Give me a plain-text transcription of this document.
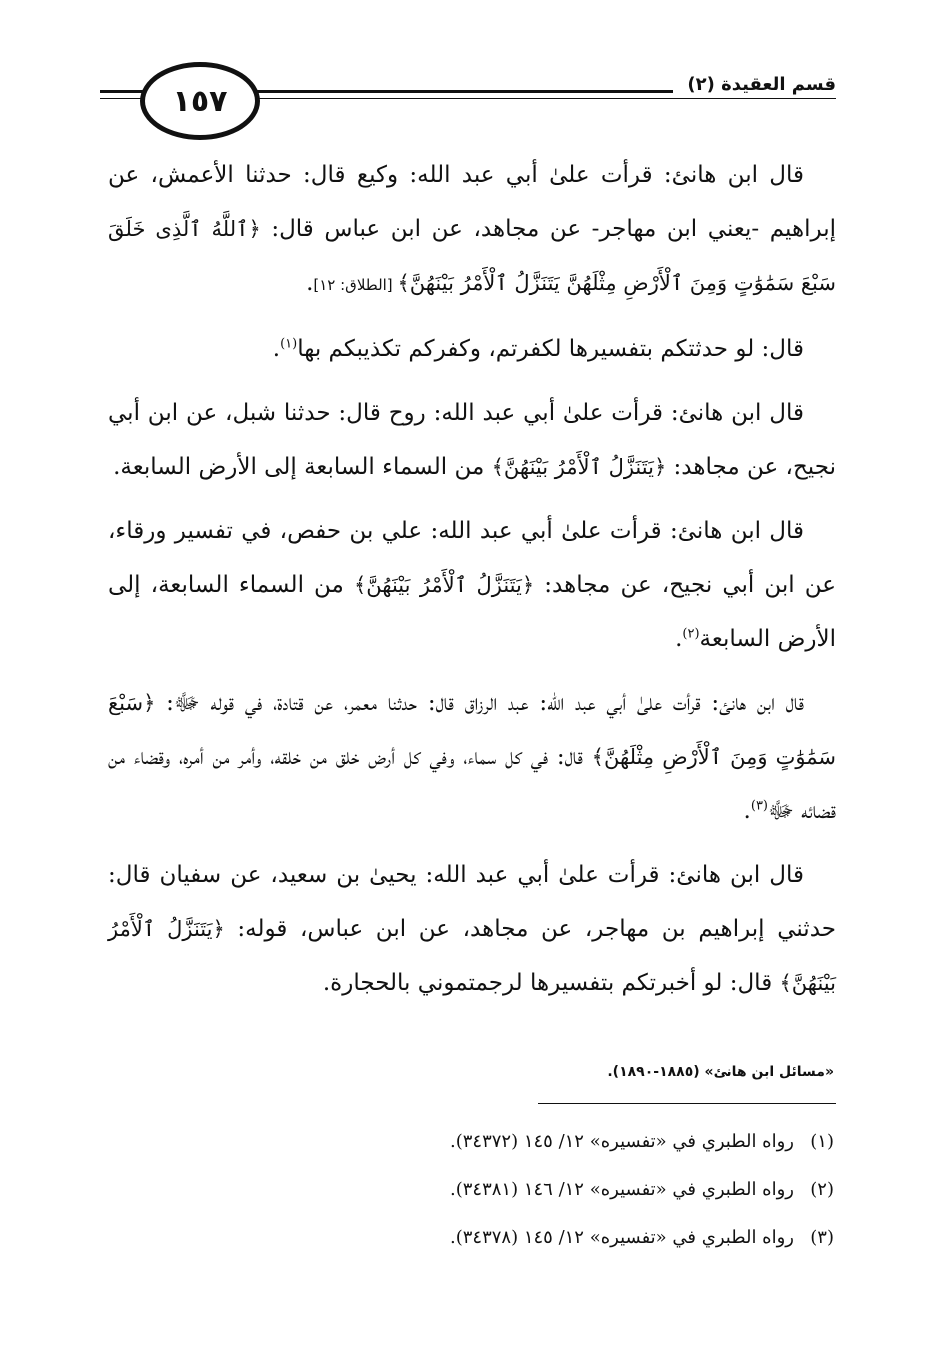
١٥٧	قسم العقيدة (٢)

قال ابن هانئ: قرأت علىٰ أبي عبد الله: وكيع قال: حدثنا الأعمش، عن إبراهيم -يعني ابن مهاجر- عن مجاهد، عن ابن عباس قال: ﴿ٱللَّهُ ٱلَّذِى خَلَقَ سَبْعَ سَمَٰوَٰتٍ وَمِنَ ٱلْأَرْضِ مِثْلَهُنَّ يَتَنَزَّلُ ٱلْأَمْرُ بَيْنَهُنَّ﴾ [الطلاق: ١٢].

قال: لو حدثتكم بتفسيرها لكفرتم، وكفركم تكذيبكم بها$^{(١)}$.

قال ابن هانئ: قرأت علىٰ أبي عبد الله: روح قال: حدثنا شبل، عن ابن أبي نجيح، عن مجاهد: ﴿يَتَنَزَّلُ ٱلْأَمْرُ بَيْنَهُنَّ﴾ من السماء السابعة إلى الأرض السابعة.

قال ابن هانئ: قرأت علىٰ أبي عبد الله: علي بن حفص، في تفسير ورقاء، عن ابن أبي نجيح، عن مجاهد: ﴿يَتَنَزَّلُ ٱلْأَمْرُ بَيْنَهُنَّ﴾ من السماء السابعة، إلى الأرض السابعة$^{(٢)}$.

قال ابن هانئ: قرأت علىٰ أبي عبد الله: عبد الرزاق قال: حدثنا معمر، عن قتادة، في قوله ﷻ: ﴿سَبْعَ سَمَٰوَٰتٍ وَمِنَ ٱلْأَرْضِ مِثْلَهُنَّ﴾ قال: في كل سماء، وفي كل أرض خلق من خلقه، وأمر من أمره، وقضاء من قضائه ﷻ$^{(٣)}$.

قال ابن هانئ: قرأت علىٰ أبي عبد الله: يحيىٰ بن سعيد، عن سفيان قال: حدثني إبراهيم بن مهاجر، عن مجاهد، عن ابن عباس، قوله: ﴿يَتَنَزَّلُ ٱلْأَمْرُ بَيْنَهُنَّ﴾ قال: لو أخبرتكم بتفسيرها لرجمتموني بالحجارة.

«مسائل ابن هانئ» (١٨٨٥-١٨٩٠).
(١)رواه الطبري في «تفسيره» ١٢/ ١٤٥ (٣٤٣٧٢).
(٢)رواه الطبري في «تفسيره» ١٢/ ١٤٦ (٣٤٣٨١).
(٣)رواه الطبري في «تفسيره» ١٢/ ١٤٥ (٣٤٣٧٨).
